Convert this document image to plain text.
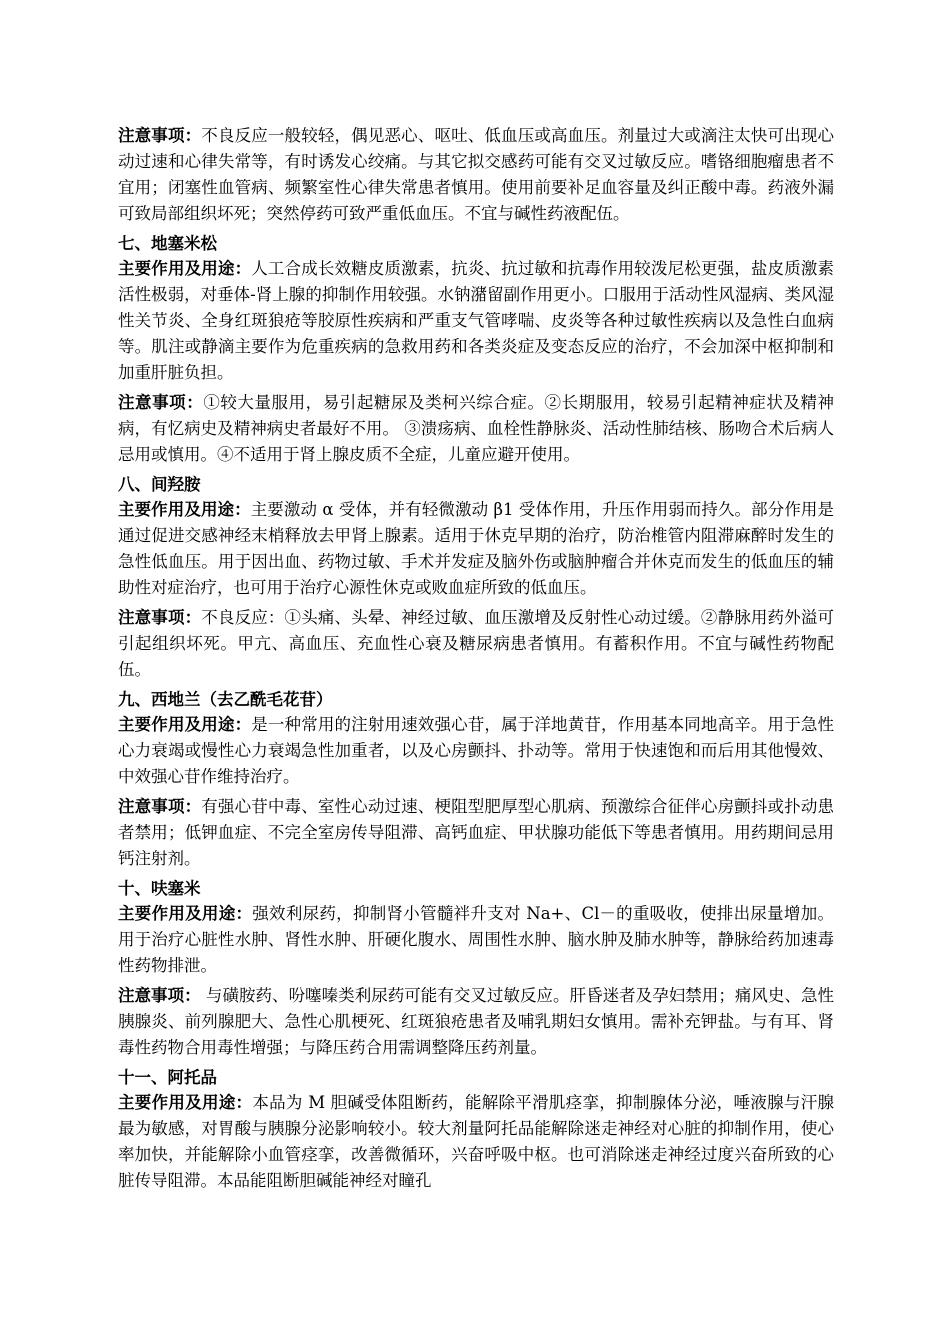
注意事项：不良反应一般较轻，偶见恶心、呕吐、低血压或高血压。剂量过大或滴注太快可出现心动过速和心律失常等，有时诱发心绞痛。与其它拟交感药可能有交叉过敏反应。嗜铬细胞瘤患者不宜用；闭塞性血管病、频繁室性心律失常患者慎用。使用前要补足血容量及纠正酸中毒。药液外漏可致局部组织坏死；突然停药可致严重低血压。不宜与碱性药液配伍。

七、地塞米松

主要作用及用途：人工合成长效糖皮质激素，抗炎、抗过敏和抗毒作用较泼尼松更强，盐皮质激素活性极弱，对垂体-肾上腺的抑制作用较强。水钠潴留副作用更小。口服用于活动性风湿病、类风湿性关节炎、全身红斑狼疮等胶原性疾病和严重支气管哮喘、皮炎等各种过敏性疾病以及急性白血病等。肌注或静滴主要作为危重疾病的急救用药和各类炎症及变态反应的治疗，不会加深中枢抑制和加重肝脏负担。

注意事项：①较大量服用，易引起糖尿及类柯兴综合症。②长期服用，较易引起精神症状及精神病，有忆病史及精神病史者最好不用。 ③溃疡病、血栓性静脉炎、活动性肺结核、肠吻合术后病人忌用或慎用。④不适用于肾上腺皮质不全症，儿童应避开使用。

八、间羟胺

主要作用及用途：主要激动 α 受体，并有轻微激动 β1 受体作用，升压作用弱而持久。部分作用是通过促进交感神经末梢释放去甲肾上腺素。适用于休克早期的治疗，防治椎管内阻滞麻醉时发生的急性低血压。用于因出血、药物过敏、手术并发症及脑外伤或脑肿瘤合并休克而发生的低血压的辅助性对症治疗，也可用于治疗心源性休克或败血症所致的低血压。

注意事项：不良反应：①头痛、头晕、神经过敏、血压激增及反射性心动过缓。②静脉用药外溢可引起组织坏死。甲亢、高血压、充血性心衰及糖尿病患者慎用。有蓄积作用。不宜与碱性药物配伍。

九、西地兰（去乙酰毛花苷）

主要作用及用途：是一种常用的注射用速效强心苷，属于洋地黄苷，作用基本同地高辛。用于急性心力衰竭或慢性心力衰竭急性加重者，以及心房颤抖、扑动等。常用于快速饱和而后用其他慢效、中效强心苷作维持治疗。

注意事项：有强心苷中毒、室性心动过速、梗阻型肥厚型心肌病、预激综合征伴心房颤抖或扑动患者禁用；低钾血症、不完全室房传导阻滞、高钙血症、甲状腺功能低下等患者慎用。用药期间忌用钙注射剂。

十、呋塞米

主要作用及用途：强效利尿药，抑制肾小管髓袢升支对 Na+、Cl－的重吸收，使排出尿量增加。用于治疗心脏性水肿、肾性水肿、肝硬化腹水、周围性水肿、脑水肿及肺水肿等，静脉给药加速毒性药物排泄。

注意事项： 与磺胺药、吩噻嗪类利尿药可能有交叉过敏反应。肝昏迷者及孕妇禁用；痛风史、急性胰腺炎、前列腺肥大、急性心肌梗死、红斑狼疮患者及哺乳期妇女慎用。需补充钾盐。与有耳、肾毒性药物合用毒性增强；与降压药合用需调整降压药剂量。

十一、阿托品

主要作用及用途：本品为 M 胆碱受体阻断药，能解除平滑肌痉挛，抑制腺体分泌，唾液腺与汗腺最为敏感，对胃酸与胰腺分泌影响较小。较大剂量阿托品能解除迷走神经对心脏的抑制作用，使心率加快，并能解除小血管痉挛，改善微循环，兴奋呼吸中枢。也可消除迷走神经过度兴奋所致的心脏传导阻滞。本品能阻断胆碱能神经对瞳孔
